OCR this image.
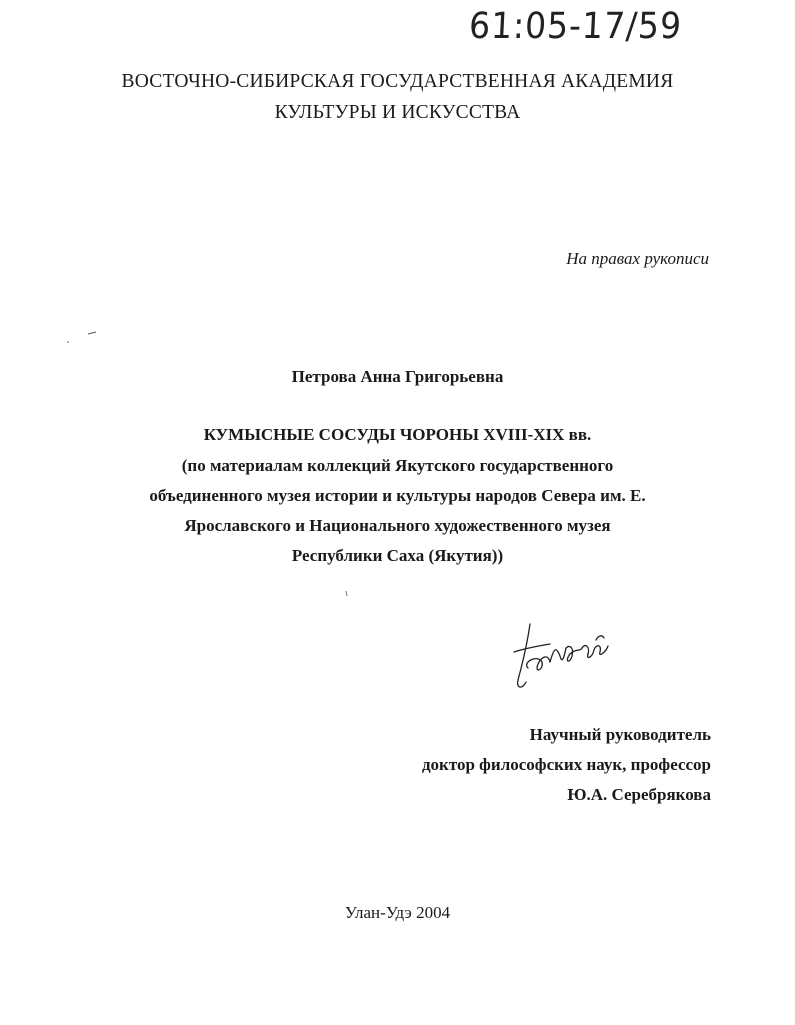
61:05-17/59
ВОСТОЧНО-СИБИРСКАЯ ГОСУДАРСТВЕННАЯ АКАДЕМИЯ
КУЛЬТУРЫ И ИСКУССТВА
На правах рукописи
Петрова Анна Григорьевна
КУМЫСНЫЕ СОСУДЫ ЧОРОНЫ XVIII-XIX вв.
(по материалам коллекций Якутского государственного
объединенного музея истории и культуры народов Севера им. Е.
Ярославского и Национального художественного музея
Республики Саха (Якутия))
Научный руководитель
доктор философских наук, профессор
Ю.А. Серебрякова
Улан-Удэ 2004
